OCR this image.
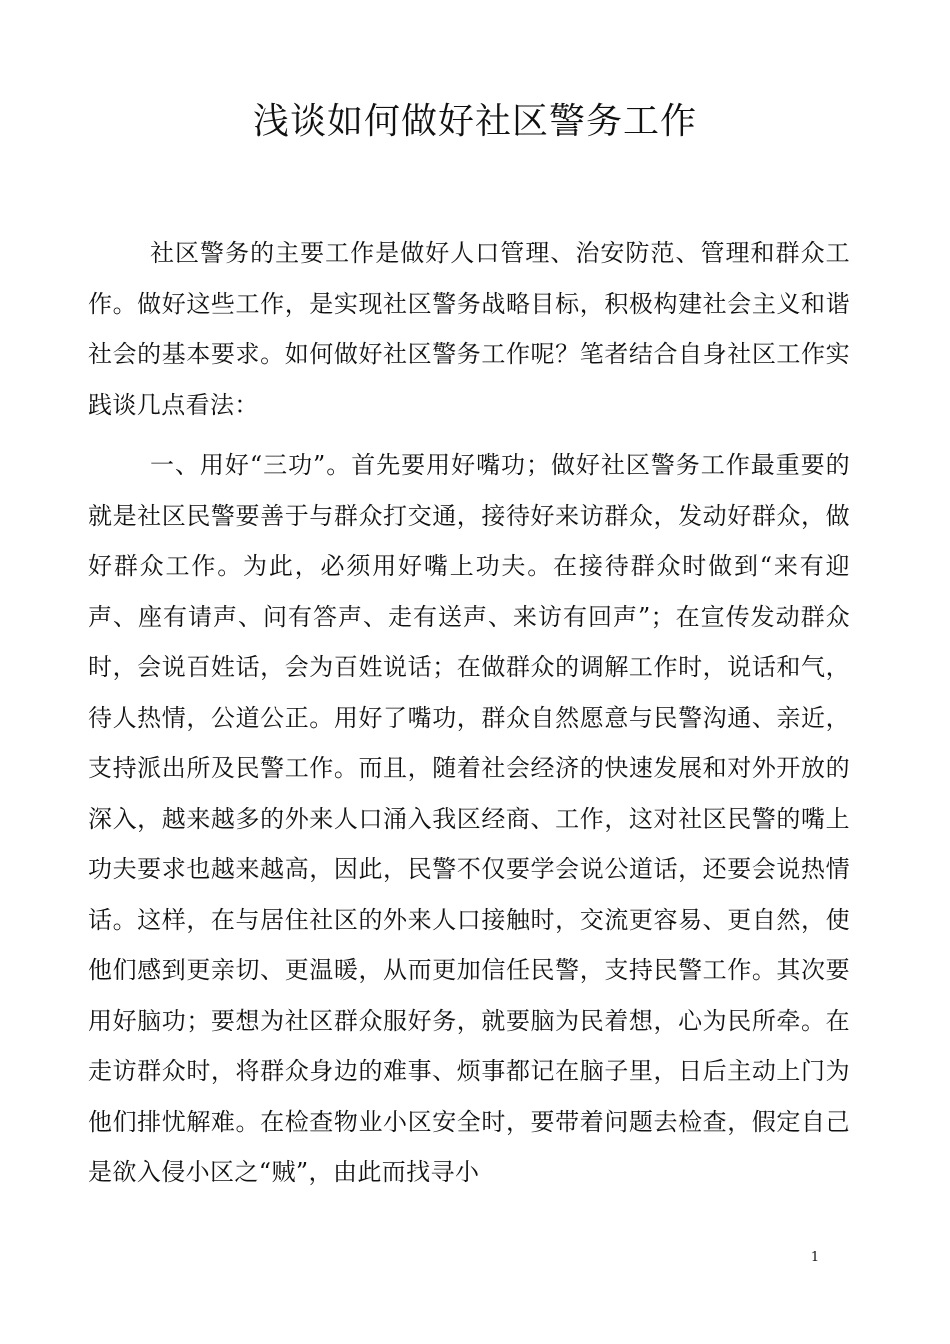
浅谈如何做好社区警务工作

社区警务的主要工作是做好人口管理、治安防范、管理和群众工作。做好这些工作，是实现社区警务战略目标，积极构建社会主义和谐社会的基本要求。如何做好社区警务工作呢？笔者结合自身社区工作实践谈几点看法：

一、用好“三功”。首先要用好嘴功；做好社区警务工作最重要的就是社区民警要善于与群众打交通，接待好来访群众，发动好群众，做好群众工作。为此，必须用好嘴上功夫。在接待群众时做到“来有迎声、座有请声、问有答声、走有送声、来访有回声”；在宣传发动群众时，会说百姓话，会为百姓说话；在做群众的调解工作时，说话和气，待人热情，公道公正。用好了嘴功，群众自然愿意与民警沟通、亲近，支持派出所及民警工作。而且，随着社会经济的快速发展和对外开放的深入，越来越多的外来人口涌入我区经商、工作，这对社区民警的嘴上功夫要求也越来越高，因此，民警不仅要学会说公道话，还要会说热情话。这样，在与居住社区的外来人口接触时，交流更容易、更自然，使他们感到更亲切、更温暖，从而更加信任民警，支持民警工作。其次要用好脑功；要想为社区群众服好务，就要脑为民着想，心为民所牵。在走访群众时，将群众身边的难事、烦事都记在脑子里，日后主动上门为他们排忧解难。在检查物业小区安全时，要带着问题去检查，假定自己是欲入侵小区之“贼”，由此而找寻小

1
